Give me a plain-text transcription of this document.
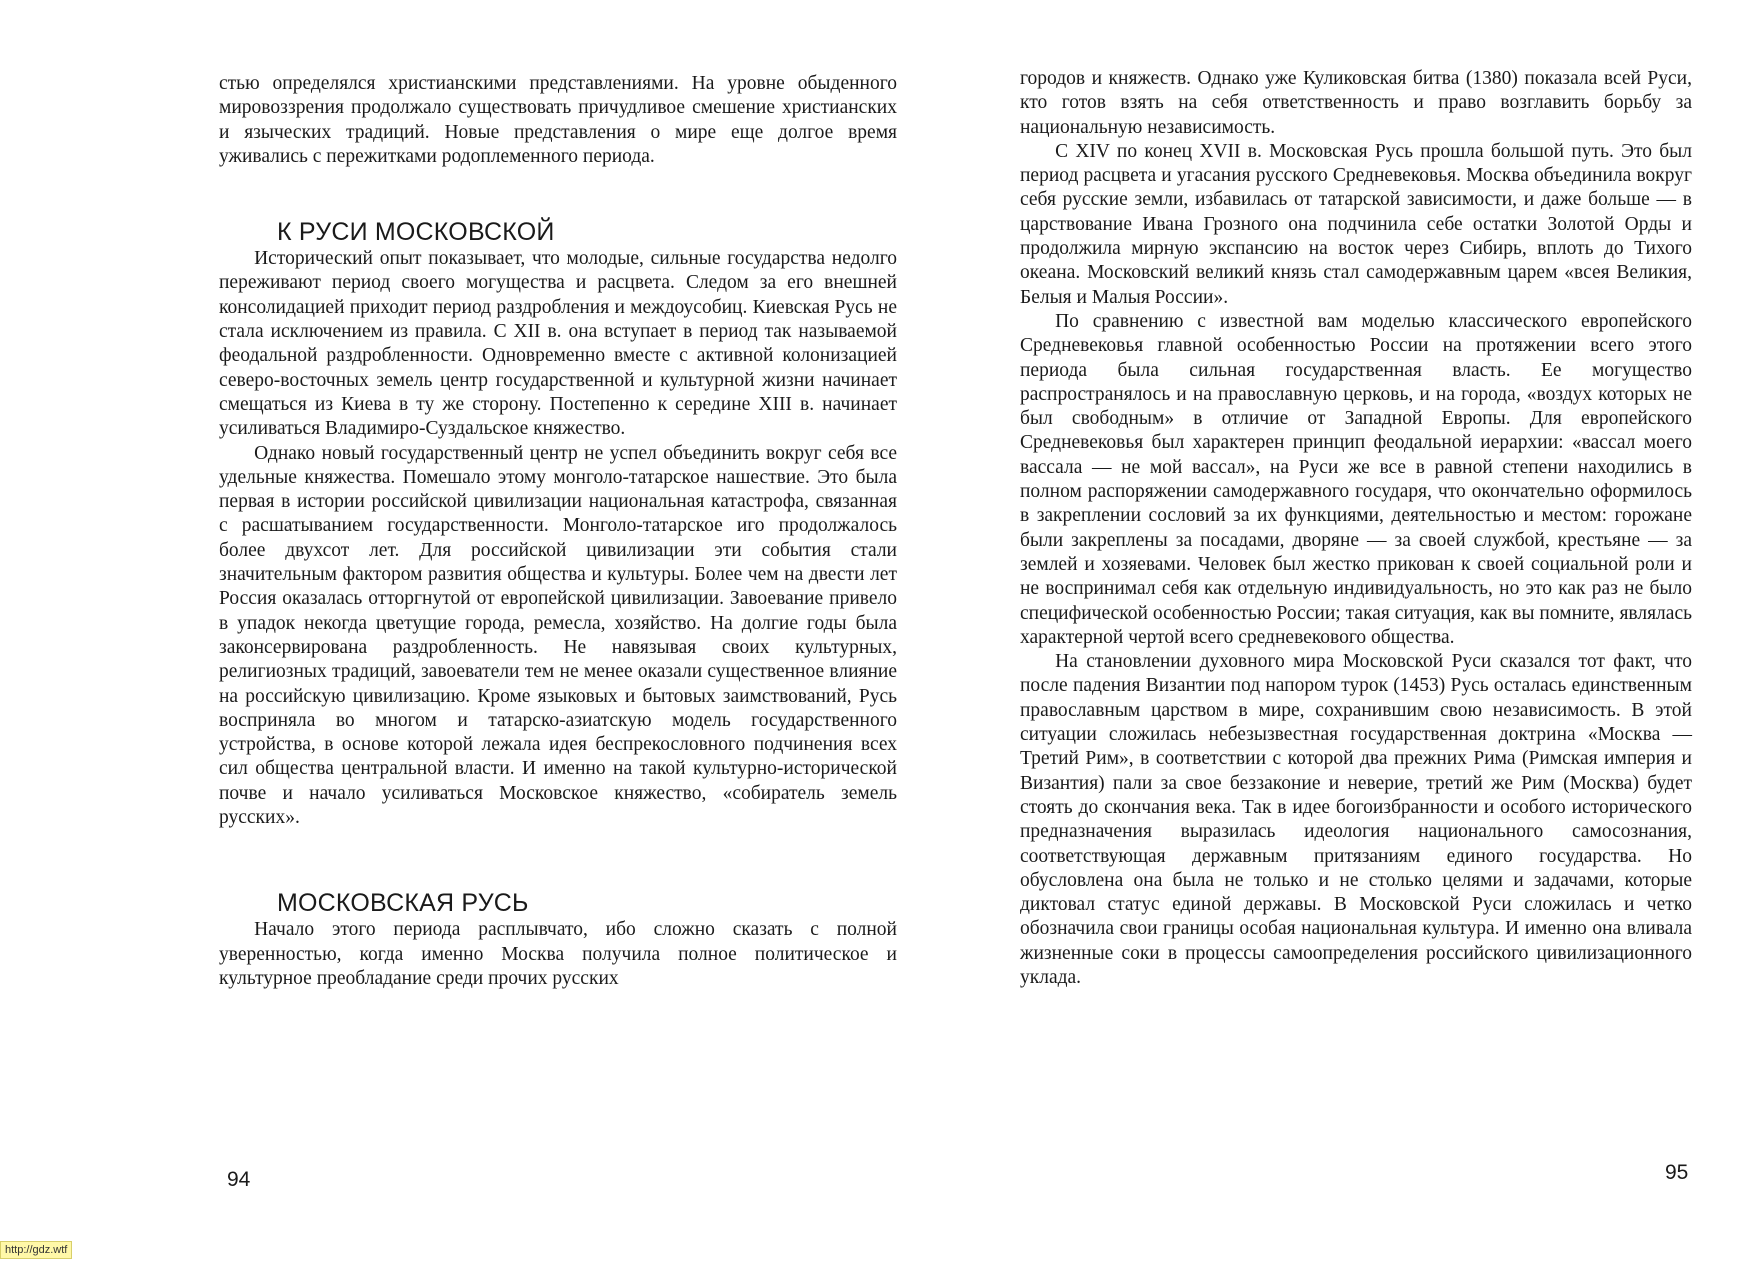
стью определялся христианскими представлениями. На уровне обыденного мировоззрения продолжало существовать причудливое смешение христианских и языческих традиций. Новые представления о мире еще долгое время уживались с пережитками родоплеменного периода.

К РУСИ МОСКОВСКОЙ

Исторический опыт показывает, что молодые, сильные государства недолго переживают период своего могущества и расцвета. Следом за его внешней консолидацией приходит период раздробления и междоусобиц. Киевская Русь не стала исключением из правила. С XII в. она вступает в период так называемой феодальной раздробленности. Одновременно вместе с активной колонизацией северо-восточных земель центр государственной и культурной жизни начинает смещаться из Киева в ту же сторону. Постепенно к середине XIII в. начинает усиливаться Владимиро-Суздальское княжество.

Однако новый государственный центр не успел объединить вокруг себя все удельные княжества. Помешало этому монголо-татарское нашествие. Это была первая в истории российской цивилизации национальная катастрофа, связанная с расшатыванием государственности. Монголо-татарское иго продолжалось более двухсот лет. Для российской цивилизации эти события стали значительным фактором развития общества и культуры. Более чем на двести лет Россия оказалась отторгнутой от европейской цивилизации. Завоевание привело в упадок некогда цветущие города, ремесла, хозяйство. На долгие годы была законсервирована раздробленность. Не навязывая своих культурных, религиозных традиций, завоеватели тем не менее оказали существенное влияние на российскую цивилизацию. Кроме языковых и бытовых заимствований, Русь восприняла во многом и татарско-азиатскую модель государственного устройства, в основе которой лежала идея беспрекословного подчинения всех сил общества центральной власти. И именно на такой культурно-исторической почве и начало усиливаться Московское княжество, «собиратель земель русских».

МОСКОВСКАЯ РУСЬ

Начало этого периода расплывчато, ибо сложно сказать с полной уверенностью, когда именно Москва получила полное политическое и культурное преобладание среди прочих русских

94

городов и княжеств. Однако уже Куликовская битва (1380) показала всей Руси, кто готов взять на себя ответственность и право возглавить борьбу за национальную независимость.

С XIV по конец XVII в. Московская Русь прошла большой путь. Это был период расцвета и угасания русского Средневековья. Москва объединила вокруг себя русские земли, избавилась от татарской зависимости, и даже больше — в царствование Ивана Грозного она подчинила себе остатки Золотой Орды и продолжила мирную экспансию на восток через Сибирь, вплоть до Тихого океана. Московский великий князь стал самодержавным царем «всея Великия, Белыя и Малыя России».

По сравнению с известной вам моделью классического европейского Средневековья главной особенностью России на протяжении всего этого периода была сильная государственная власть. Ее могущество распространялось и на православную церковь, и на города, «воздух которых не был свободным» в отличие от Западной Европы. Для европейского Средневековья был характерен принцип феодальной иерархии: «вассал моего вассала — не мой вассал», на Руси же все в равной степени находились в полном распоряжении самодержавного государя, что окончательно оформилось в закреплении сословий за их функциями, деятельностью и местом: горожане были закреплены за посадами, дворяне — за своей службой, крестьяне — за землей и хозяевами. Человек был жестко прикован к своей социальной роли и не воспринимал себя как отдельную индивидуальность, но это как раз не было специфической особенностью России; такая ситуация, как вы помните, являлась характерной чертой всего средневекового общества.

На становлении духовного мира Московской Руси сказался тот факт, что после падения Византии под напором турок (1453) Русь осталась единственным православным царством в мире, сохранившим свою независимость. В этой ситуации сложилась небезызвестная государственная доктрина «Москва — Третий Рим», в соответствии с которой два прежних Рима (Римская империя и Византия) пали за свое беззаконие и неверие, третий же Рим (Москва) будет стоять до скончания века. Так в идее богоизбранности и особого исторического предназначения выразилась идеология национального самосознания, соответствующая державным притязаниям единого государства. Но обусловлена она была не только и не столько целями и задачами, которые диктовал статус единой державы. В Московской Руси сложилась и четко обозначила свои границы особая национальная культура. И именно она вливала жизненные соки в процессы самоопределения российского цивилизационного уклада.

95
http://gdz.wtf
